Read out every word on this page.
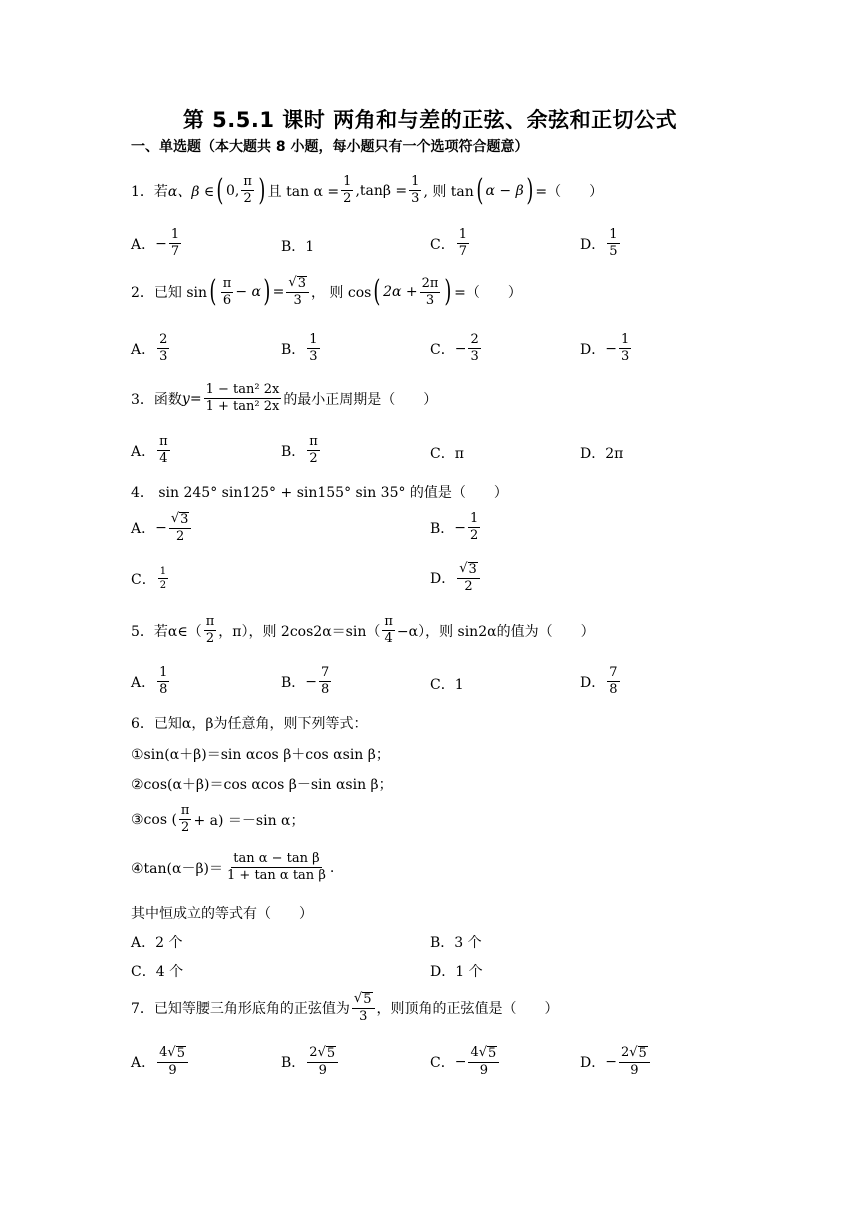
第 5.5.1 课时 两角和与差的正弦、余弦和正切公式
一、单选题（本大题共 8 小题，每小题只有一个选项符合题意）
1．若 α、β ∈ ( 0, $\frac{\pi}{2}$ ) 且 $\tan \alpha = \frac{1}{2} ,\tan\beta = \frac{1}{3}$ , 则 tan ( α − β ) =（　　）
A． − $\frac{1}{7}$	B．1	C． $\frac{1}{7}$	D． $\frac{1}{5}$
2．已知 sin ( $\frac{\pi}{6} - \alpha$ ) = $\frac{√ 3}{3}$ ， 则 cos ( $2\alpha + \frac{2\pi}{3}$ ) =（　　）
A． $\frac{2}{3}$	B． $\frac{1}{3}$	C． − $\frac{2}{3}$	D． − $\frac{1}{3}$
3．函数 $y = \frac{\text{1 − tan² 2x}}{\text{1 + tan² 2x}}$ 的最小正周期是（　　）
A． $\frac{\pi}{4}$	B． $\frac{\pi}{2}$	C．π	D．2π
4． sin 245° sin125° + sin155° sin 35° 的值是（　　）
A． − $\frac{√ 3}{2}$	B． − $\frac{1}{2}$
C． $\frac{1}{2}$	D． $\frac{√ 3}{2}$
5．若α∈（ $\frac{\pi}{2}$ ，π），则 $2\cos 2\alpha=\sin( \frac{\pi}{4} -\alpha)$，则 sin2α的值为（　　）
A． $\frac{1}{8}$	B． − $\frac{7}{8}$	C．1	D． $\frac{7}{8}$
6．已知α，β为任意角，则下列等式：
①sin(α＋β)＝sin αcos β＋cos αsin β；
②cos(α＋β)＝cos αcos β－sin αsin β；
③cos ( $\frac{\pi}{2} + a) =-\sin$ α；
④tan(α－β)＝ $\frac{\text{tan α − tan β}}{\text{1 + tan α tan β}}$ .
其中恒成立的等式有（　　）
A．2 个	B．3 个
C．4 个	D．1 个
7．已知等腰三角形底角的正弦值为 $\frac{√ 5}{3}$ ，则顶角的正弦值是（　　）
A． $\frac{4√ 5}{9}$	B． $\frac{2√ 5}{9}$	C． − $\frac{4√ 5}{9}$	D． − $\frac{2√ 5}{9}$
